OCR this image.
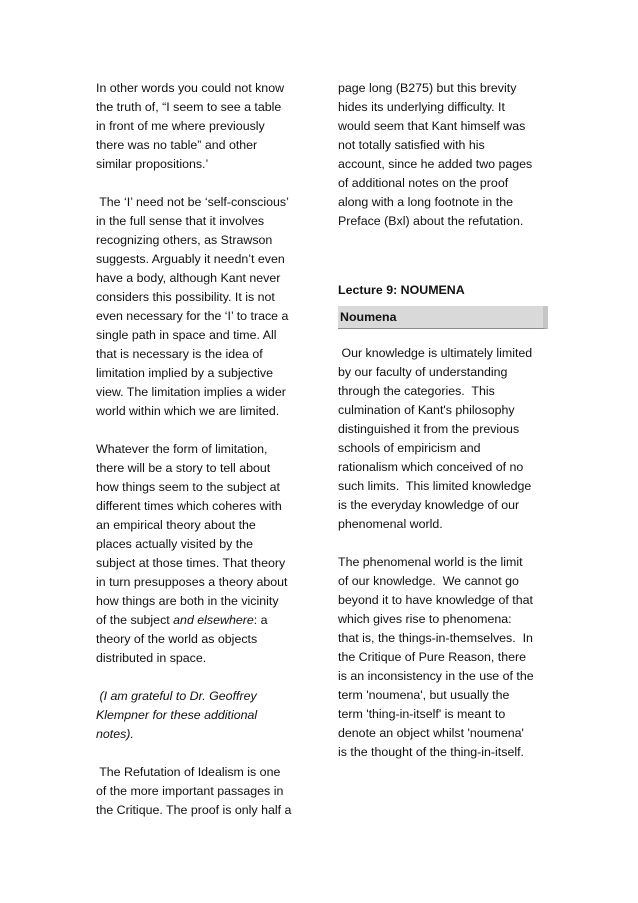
In other words you could not know

the truth of, “I seem to see a table

in front of me where previously

there was no table” and other

similar propositions.’

The ‘I’ need not be ‘self-conscious’

in the full sense that it involves

recognizing others, as Strawson

suggests. Arguably it needn’t even

have a body, although Kant never

considers this possibility. It is not

even necessary for the ‘I’ to trace a

single path in space and time. All

that is necessary is the idea of

limitation implied by a subjective

view. The limitation implies a wider

world within which we are limited.

Whatever the form of limitation,

there will be a story to tell about

how things seem to the subject at

different times which coheres with

an empirical theory about the

places actually visited by the

subject at those times. That theory

in turn presupposes a theory about

how things are both in the vicinity

of the subject and elsewhere: a

theory of the world as objects

distributed in space.

(I am grateful to Dr. Geoffrey

Klempner for these additional

notes).

The Refutation of Idealism is one

of the more important passages in

the Critique. The proof is only half a

page long (B275) but this brevity

hides its underlying difficulty. It

would seem that Kant himself was

not totally satisfied with his

account, since he added two pages

of additional notes on the proof

along with a long footnote in the

Preface (Bxl) about the refutation.

Lecture 9: NOUMENA

Noumena

Our knowledge is ultimately limited

by our faculty of understanding

through the categories.  This

culmination of Kant's philosophy

distinguished it from the previous

schools of empiricism and

rationalism which conceived of no

such limits.  This limited knowledge

is the everyday knowledge of our

phenomenal world.

The phenomenal world is the limit

of our knowledge.  We cannot go

beyond it to have knowledge of that

which gives rise to phenomena:

that is, the things-in-themselves.  In

the Critique of Pure Reason, there

is an inconsistency in the use of the

term 'noumena', but usually the

term 'thing-in-itself' is meant to

denote an object whilst 'noumena'

is the thought of the thing-in-itself.
